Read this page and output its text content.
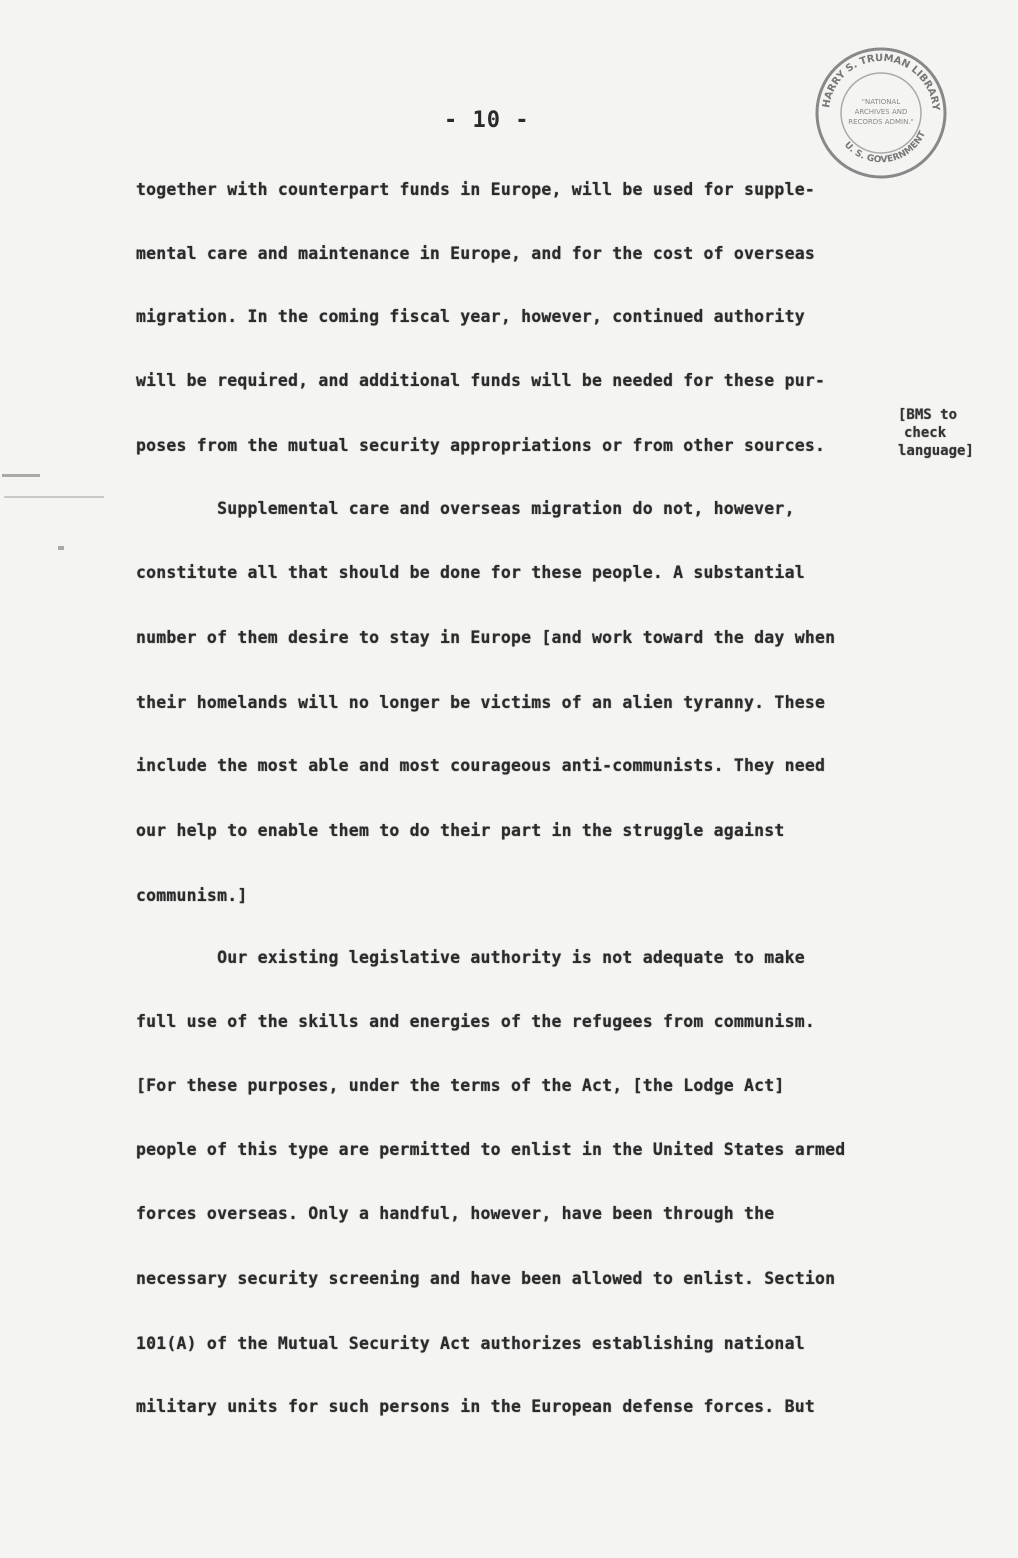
HARRY S. TRUMAN LIBRARY
U. S. GOVERNMENT
"NATIONAL
ARCHIVES AND
RECORDS ADMIN."
- 10 -
together with counterpart funds in Europe, will be used for supple-
mental care and maintenance in Europe, and for the cost of overseas
migration. In the coming fiscal year, however, continued authority
will be required, and additional funds will be needed for these pur-
poses from the mutual security appropriations or from other sources.
Supplemental care and overseas migration do not, however,
constitute all that should be done for these people. A substantial
number of them desire to stay in Europe [and work toward the day when
their homelands will no longer be victims of an alien tyranny. These
include the most able and most courageous anti-communists. They need
our help to enable them to do their part in the struggle against
communism.]
Our existing legislative authority is not adequate to make
full use of the skills and energies of the refugees from communism.
[For these purposes, under the terms of the Act, [the Lodge Act]
people of this type are permitted to enlist in the United States armed
forces overseas. Only a handful, however, have been through the
necessary security screening and have been allowed to enlist. Section
101(A) of the Mutual Security Act authorizes establishing national
military units for such persons in the European defense forces. But
[BMS to
check
language]
